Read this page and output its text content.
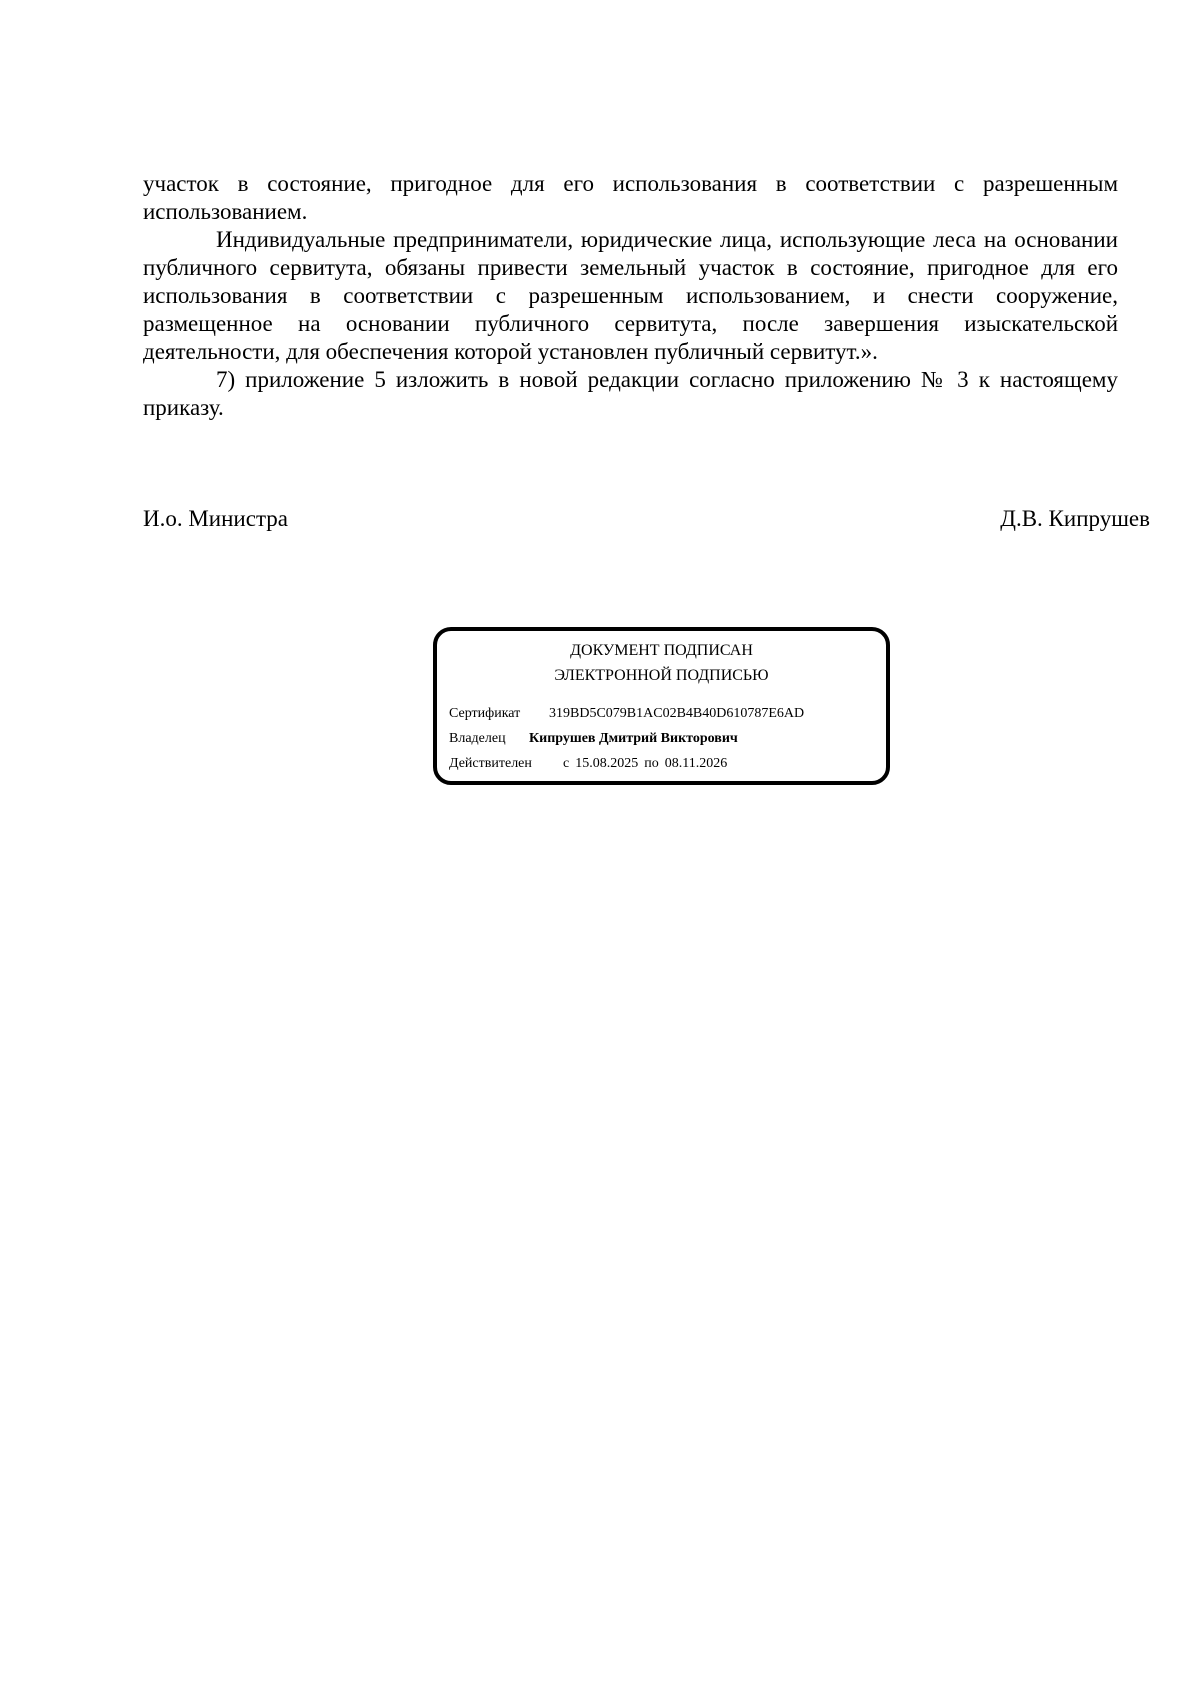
участок в состояние, пригодное для его использования в соответствии с разрешенным использованием.

Индивидуальные предприниматели, юридические лица, использующие леса на основании публичного сервитута, обязаны привести земельный участок в состояние, пригодное для его использования в соответствии с разрешенным использованием, и снести сооружение, размещенное на основании публичного сервитута, после завершения изыскательской деятельности, для обеспечения которой установлен публичный сервитут.».

7) приложение 5 изложить в новой редакции согласно приложению № 3 к настоящему приказу.

И.о. Министра	Д.В. Кипрушев
ДОКУМЕНТ ПОДПИСАН
ЭЛЕКТРОННОЙ ПОДПИСЬЮ
Сертификат 319BD5C079B1AC02B4B40D610787E6AD
Владелец Кипрушев Дмитрий Викторович
Действителен с 15.08.2025 по 08.11.2026
